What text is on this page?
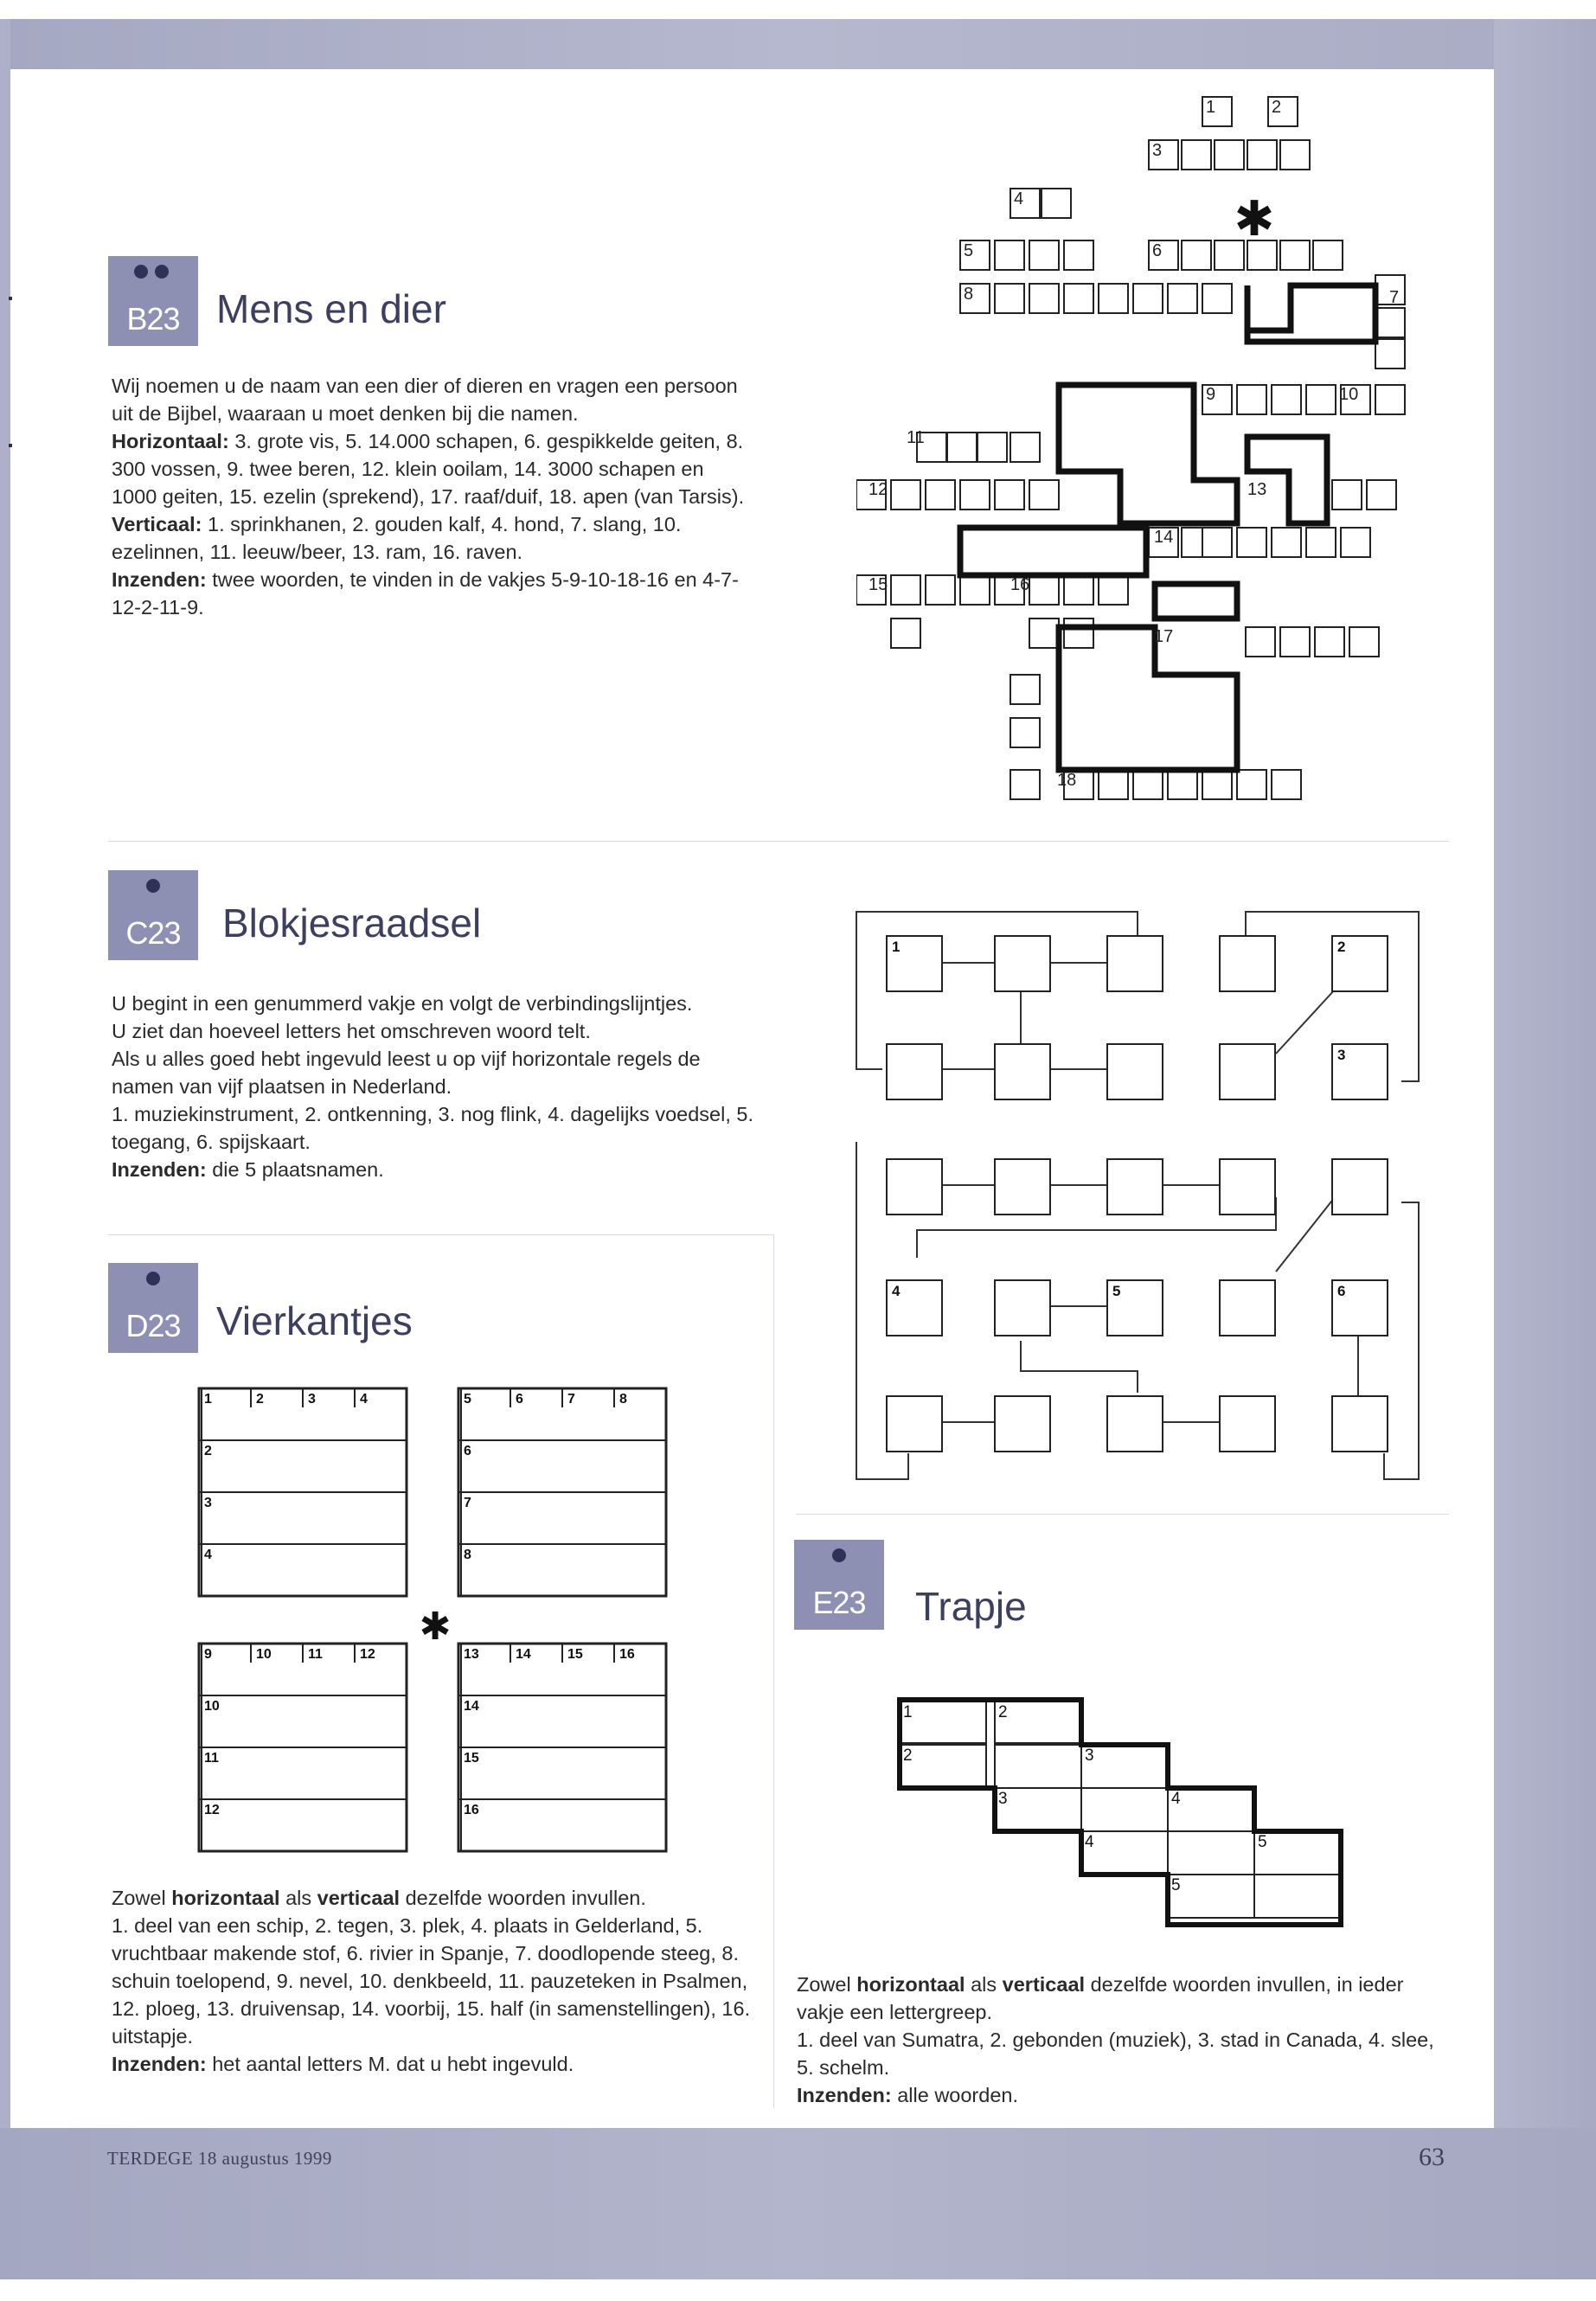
B23 Mens en dier

Wij noemen u de naam van een dier of dieren en vragen een persoon uit de Bijbel, waaraan u moet denken bij die namen.

Horizontaal: 3. grote vis, 5. 14.000 schapen, 6. gespikkelde geiten, 8. 300 vossen, 9. twee beren, 12. klein ooilam, 14. 3000 schapen en 1000 geiten, 15. ezelin (sprekend), 17. raaf/duif, 18. apen (van Tarsis).

Verticaal: 1. sprinkhanen, 2. gouden kalf, 4. hond, 7. slang, 10. ezelinnen, 11. leeuw/beer, 13. ram, 16. raven.

Inzenden: twee woorden, te vinden in de vakjes 5-9-10-18-16 en 4-7-12-2-11-9.

1	2
3
4
5	6
7
8
9	10
11
12	13
14
15	16
17
18
✱
C23	Blokjesraadsel

U begint in een genummerd vakje en volgt de verbindingslijntjes.

U ziet dan hoeveel letters het omschreven woord telt.

Als u alles goed hebt ingevuld leest u op vijf horizontale regels de namen van vijf plaatsen in Nederland.

1. muziekinstrument, 2. ontkenning, 3. nog flink, 4. dagelijks voedsel, 5. toegang, 6. spijskaart.

Inzenden: die 5 plaatsnamen.

1	2
3
4	5	6
D23 Vierkantjes
1	2	3	4	5	6	7	8
9	10	11	12	13	14	15	16
2
3
4
6
7
8
10
11
12
14
15
16
✱

Zowel horizontaal als verticaal dezelfde woorden invullen.

1. deel van een schip, 2. tegen, 3. plek, 4. plaats in Gelderland, 5. vruchtbaar makende stof, 6. rivier in Spanje, 7. doodlopende steeg, 8. schuin toelopend, 9. nevel, 10. denkbeeld, 11. pauzeteken in Psalmen, 12. ploeg, 13. druivensap, 14. voorbij, 15. half (in samenstellingen), 16. uitstapje.

Inzenden: het aantal letters M. dat u hebt ingevuld.

E23	Trapje
1	2
2	3
3	4
4	5
5

Zowel horizontaal als verticaal dezelfde woorden invullen, in ieder vakje een lettergreep.

1. deel van Sumatra, 2. gebonden (muziek), 3. stad in Canada, 4. slee, 5. schelm.

Inzenden: alle woorden.

TERDEGE 18 augustus 1999	63
